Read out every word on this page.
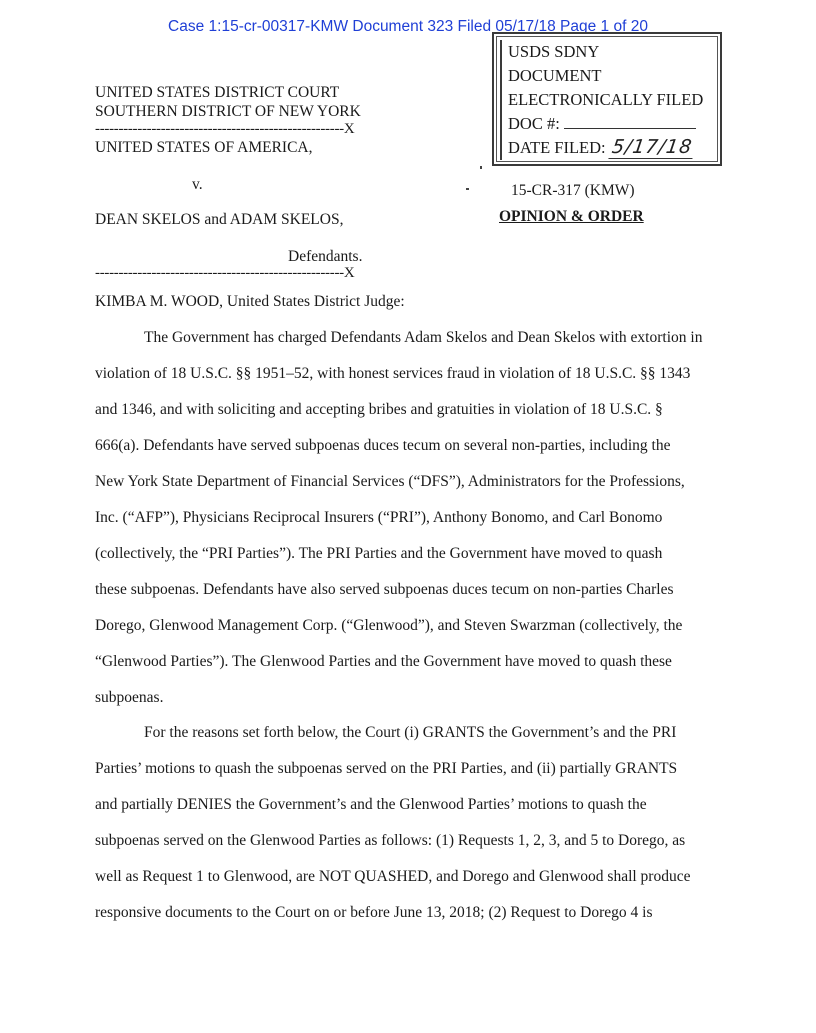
Case 1:15-cr-00317-KMW Document 323 Filed 05/17/18 Page 1 of 20
USDS SDNY
DOCUMENT
ELECTRONICALLY FILED
DOC #:
DATE FILED: 5/17/18
UNITED STATES DISTRICT COURT
SOUTHERN DISTRICT OF NEW YORK
-----------------------------------------------------X
UNITED STATES OF AMERICA,
v.
DEAN SKELOS and ADAM SKELOS,
Defendants.
-----------------------------------------------------X
15-CR-317 (KMW)
OPINION & ORDER
KIMBA M. WOOD, United States District Judge:
The Government has charged Defendants Adam Skelos and Dean Skelos with extortion in
violation of 18 U.S.C. §§ 1951–52, with honest services fraud in violation of 18 U.S.C. §§ 1343
and 1346, and with soliciting and accepting bribes and gratuities in violation of 18 U.S.C. §
666(a). Defendants have served subpoenas duces tecum on several non-parties, including the
New York State Department of Financial Services (“DFS”), Administrators for the Professions,
Inc. (“AFP”), Physicians Reciprocal Insurers (“PRI”), Anthony Bonomo, and Carl Bonomo
(collectively, the “PRI Parties”). The PRI Parties and the Government have moved to quash
these subpoenas. Defendants have also served subpoenas duces tecum on non-parties Charles
Dorego, Glenwood Management Corp. (“Glenwood”), and Steven Swarzman (collectively, the
“Glenwood Parties”). The Glenwood Parties and the Government have moved to quash these
subpoenas.
For the reasons set forth below, the Court (i) GRANTS the Government’s and the PRI
Parties’ motions to quash the subpoenas served on the PRI Parties, and (ii) partially GRANTS
and partially DENIES the Government’s and the Glenwood Parties’ motions to quash the
subpoenas served on the Glenwood Parties as follows: (1) Requests 1, 2, 3, and 5 to Dorego, as
well as Request 1 to Glenwood, are NOT QUASHED, and Dorego and Glenwood shall produce
responsive documents to the Court on or before June 13, 2018; (2) Request to Dorego 4 is
